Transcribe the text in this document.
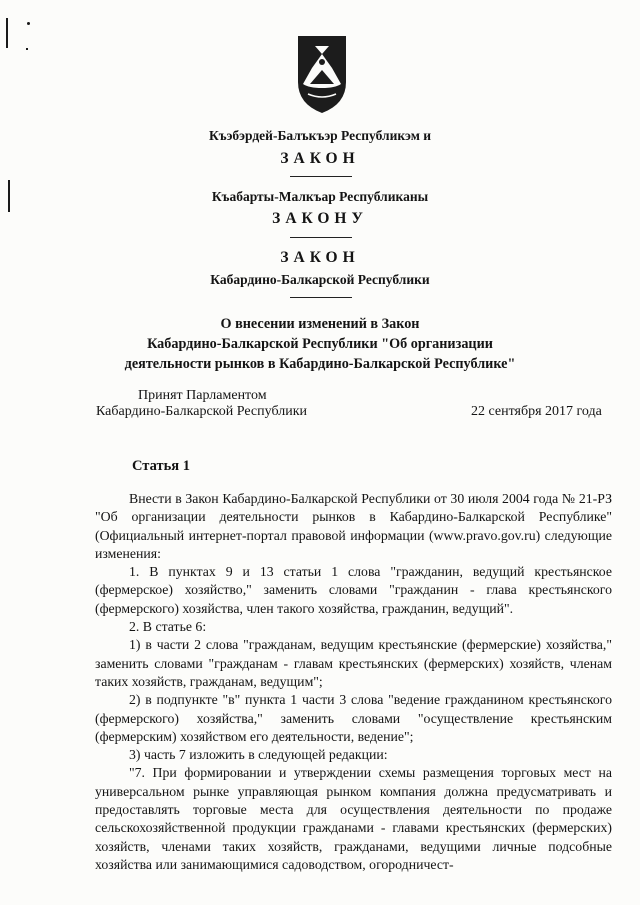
Къэбэрдей-Балъкъэр Республикэм и
ЗАКОН
Къабарты-Малкъар Республиканы
ЗАКОНУ
ЗАКОН
Кабардино-Балкарской Республики
О внесении изменений в Закон
Кабардино-Балкарской Республики "Об организации
деятельности рынков в Кабардино-Балкарской Республике"
Принят Парламентом
Кабардино-Балкарской Республики	22 сентября 2017 года
Статья 1
Внести в Закон Кабардино-Балкарской Республики от 30 июля 2004 года № 21-РЗ "Об организации деятельности рынков в Кабардино-Балкарской Республике" (Официальный интернет-портал правовой информации (www.pravo.gov.ru) следующие изменения:
1. В пунктах 9 и 13 статьи 1 слова "гражданин, ведущий крестьянское (фермерское) хозяйство," заменить словами "гражданин - глава крестьянского (фермерского) хозяйства, член такого хозяйства, гражданин, ведущий".
2. В статье 6:
1) в части 2 слова "гражданам, ведущим крестьянские (фермерские) хозяйства," заменить словами "гражданам - главам крестьянских (фермерских) хозяйств, членам таких хозяйств, гражданам, ведущим";
2) в подпункте "в" пункта 1 части 3 слова "ведение гражданином крестьянского (фермерского) хозяйства," заменить словами "осуществление крестьянским (фермерским) хозяйством его деятельности, ведение";
3) часть 7 изложить в следующей редакции:
"7. При формировании и утверждении схемы размещения торговых мест на универсальном рынке управляющая рынком компания должна предусматривать и предоставлять торговые места для осуществления деятельности по продаже сельскохозяйственной продукции гражданами - главами крестьянских (фермерских) хозяйств, членами таких хозяйств, гражданами, ведущими личные подсобные хозяйства или занимающимися садоводством, огородничест-
